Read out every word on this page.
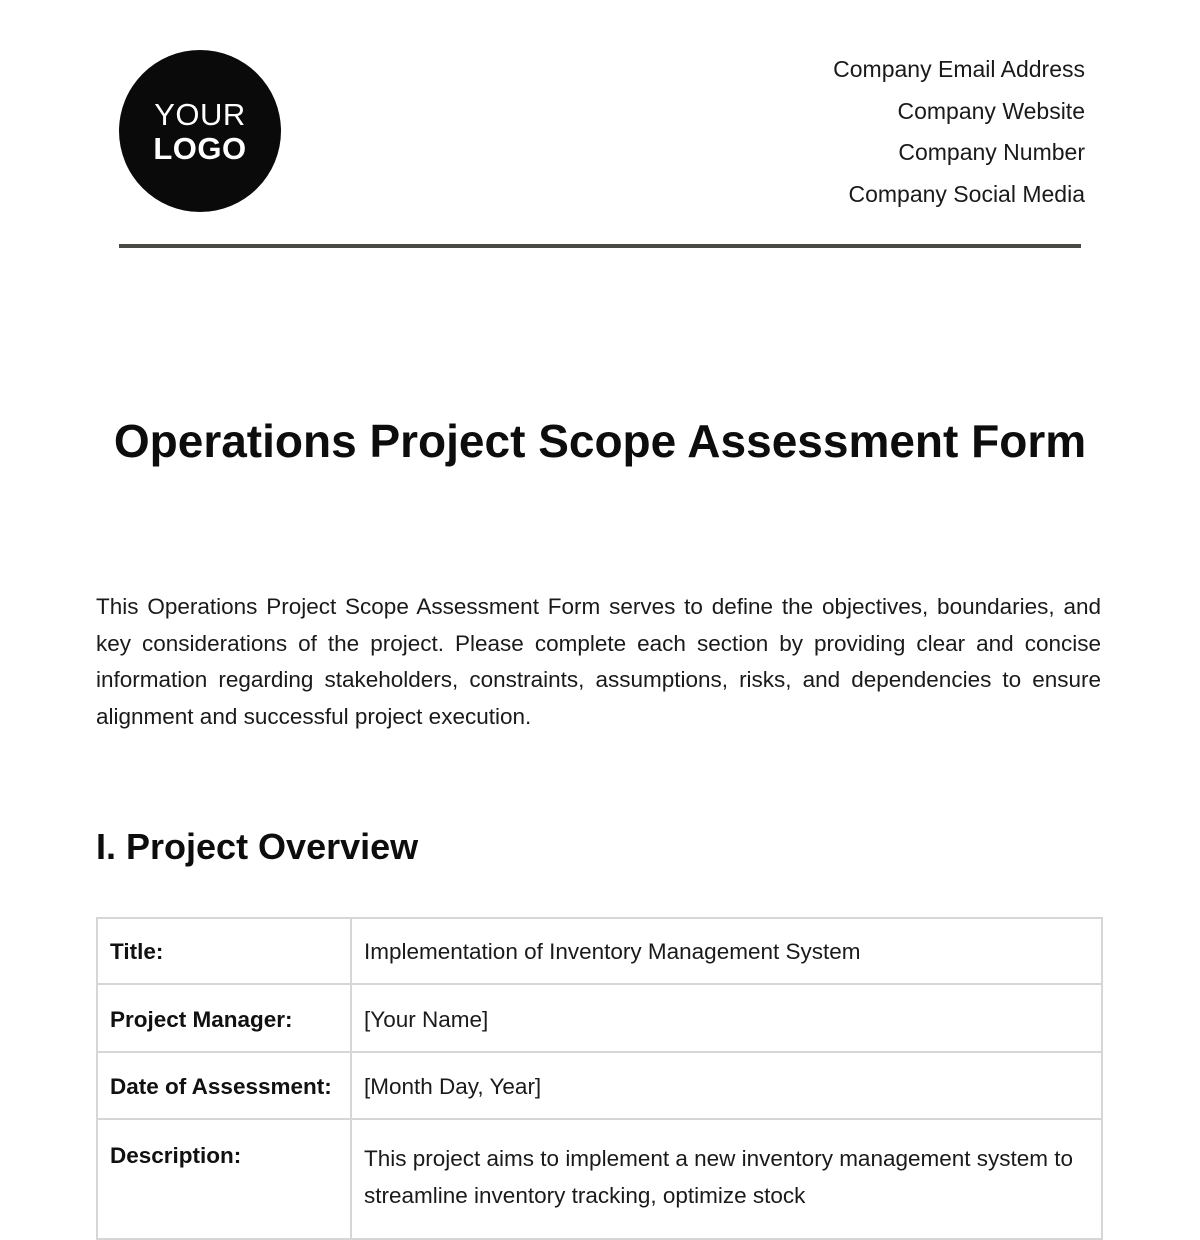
YOUR
LOGO
Company Email Address
Company Website
Company Number
Company Social Media
Operations Project Scope Assessment Form

This Operations Project Scope Assessment Form serves to define the objectives, boundaries, and key considerations of the project. Please complete each section by providing clear and concise information regarding stakeholders, constraints, assumptions, risks, and dependencies to ensure alignment and successful project execution.

I. Project Overview
Title:	Implementation of Inventory Management System
Project Manager:	[Your Name]
Date of Assessment:	[Month Day, Year]
Description:	This project aims to implement a new inventory management system to streamline inventory tracking, optimize stock
